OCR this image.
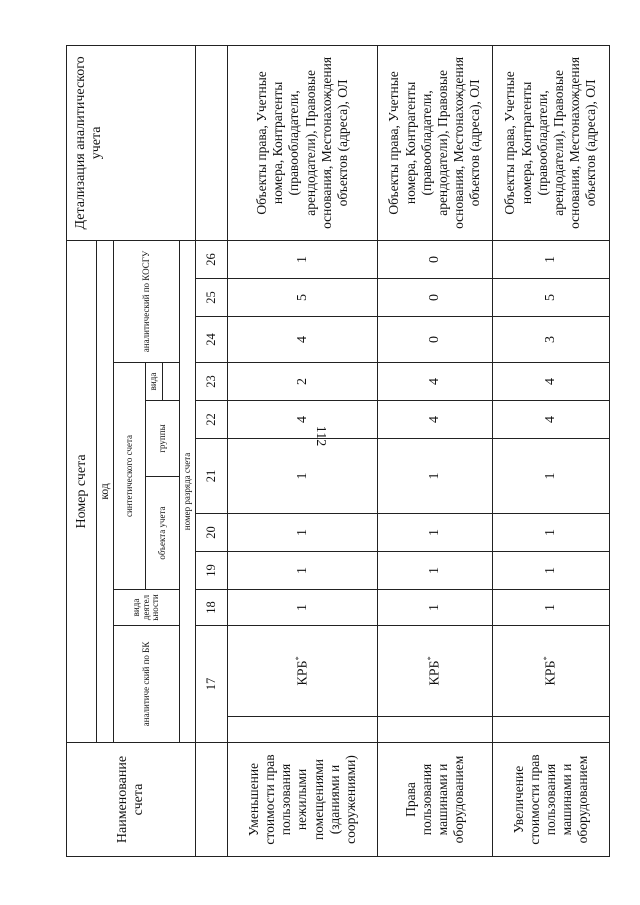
112
Наименование счета	Номер счета												Детализация аналитического учета
	код												
	аналитиче ский по БК		вида деятел ьности	синтетического счета						аналитический по КОСГУ			
				объекта учета			группы		вида				

	номер разряда счета												
	17		18	19	20	21		22	23	24	25	26	
Уменьшение стоимости прав пользования нежилыми помещениями (зданиями и сооружениями)		КРБ*	1	1	1	1		4	2	4	5	1	Объекты права, Учетные номера, Контрагенты (правообладатели, арендодатели), Правовые основания, Местонахождения объектов (адреса), ОЛ
Права пользования машинами и оборудованием		КРБ*	1	1	1	1		4	4	0	0	0	Объекты права, Учетные номера, Контрагенты (правообладатели, арендодатели), Правовые основания, Местонахождения объектов (адреса), ОЛ
Увеличение стоимости прав пользования машинами и оборудованием		КРБ*	1	1	1	1		4	4	3	5	1	Объекты права, Учетные номера, Контрагенты (правообладатели, арендодатели), Правовые основания, Местонахождения объектов (адреса), ОЛ
